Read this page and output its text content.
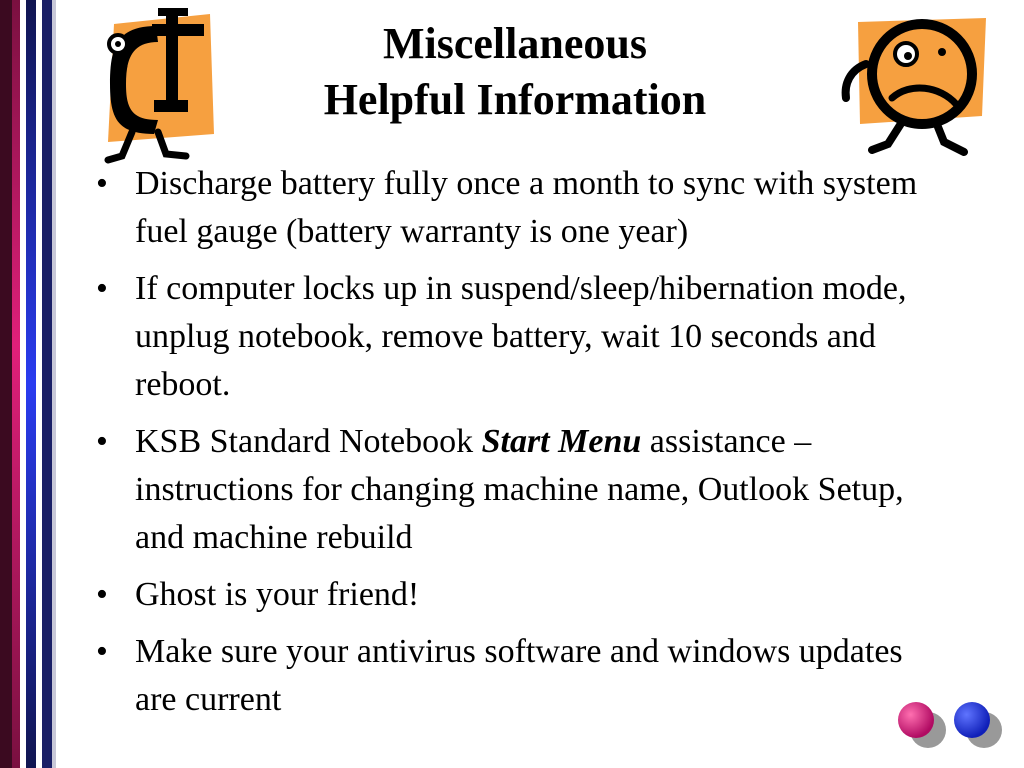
Miscellaneous
Helpful Information
• Discharge battery fully once a month to sync with system fuel gauge (battery warranty is one year)
• If computer locks up in suspend/sleep/hibernation mode, unplug notebook, remove battery, wait 10 seconds and reboot.
• KSB Standard Notebook Start Menu assistance – instructions for changing machine name, Outlook Setup, and machine rebuild
• Ghost is your friend!
• Make sure your antivirus software and windows updates are current
